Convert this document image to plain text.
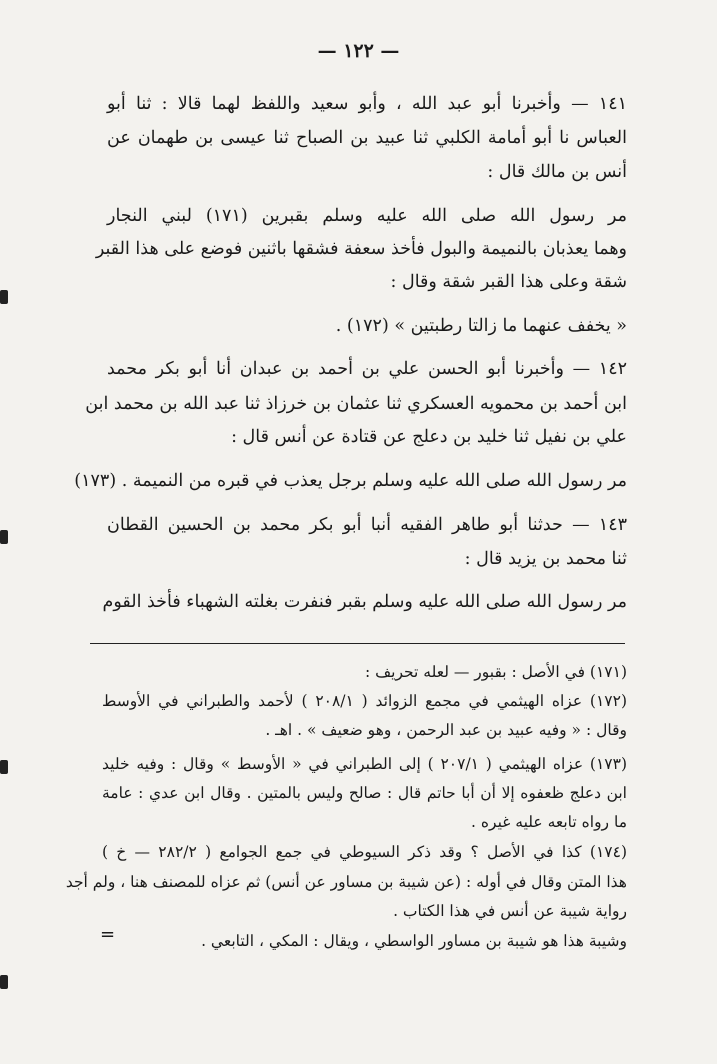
— ١٢٢ —
١٤١ — وأخبرنا أبو عبد الله ، وأبو سعيد واللفظ لهما قالا : ثنا أبو
العباس نا أبو أمامة الكلبي ثنا عبيد بن الصباح ثنا عيسى بن طهمان عن
أنس بن مالك قال :
مر رسول الله صلى الله عليه وسلم بقبرين (١٧١) لبني النجار
وهما يعذبان بالنميمة والبول فأخذ سعفة فشقها باثنين فوضع على هذا القبر
شقة وعلى هذا القبر شقة وقال :
« يخفف عنهما ما زالتا رطبتين » (١٧٢) .
١٤٢ — وأخبرنا أبو الحسن علي بن أحمد بن عبدان أنا أبو بكر محمد
ابن أحمد بن محمويه العسكري ثنا عثمان بن خرزاذ ثنا عبد الله بن محمد ابن
علي بن نفيل ثنا خليد بن دعلج عن قتادة عن أنس قال :
مر رسول الله صلى الله عليه وسلم برجل يعذب في قبره من النميمة . (١٧٣)
١٤٣ — حدثنا أبو طاهر الفقيه أنبا أبو بكر محمد بن الحسين القطان
ثنا محمد بن يزيد قال :
مر رسول الله صلى الله عليه وسلم بقبر فنفرت بغلته الشهباء فأخذ القوم
(١٧١) في الأصل : بقبور — لعله تحريف :
(١٧٢) عزاه الهيثمي في مجمع الزوائد ( ٢٠٨/١ ) لأحمد والطبراني في الأوسط
وقال : « وفيه عبيد بن عبد الرحمن ، وهو ضعيف » . اهـ .
(١٧٣) عزاه الهيثمي ( ٢٠٧/١ ) إلى الطبراني في « الأوسط » وقال : وفيه خليد
ابن دعلج ظعفوه إلا أن أبا حاتم قال : صالح وليس بالمتين . وقال ابن عدي : عامة
ما رواه تابعه عليه غيره .
(١٧٤) كذا في الأصل ؟ وقد ذكر السيوطي في جمع الجوامع ( ٢٨٢/٢ — خ )
هذا المتن وقال في أوله : (عن شيبة بن مساور عن أنس) ثم عزاه للمصنف هنا ، ولم أجد
رواية شيبة عن أنس في هذا الكتاب .
وشيبة هذا هو شيبة بن مساور الواسطي ، ويقال : المكي ، التابعي .
=
